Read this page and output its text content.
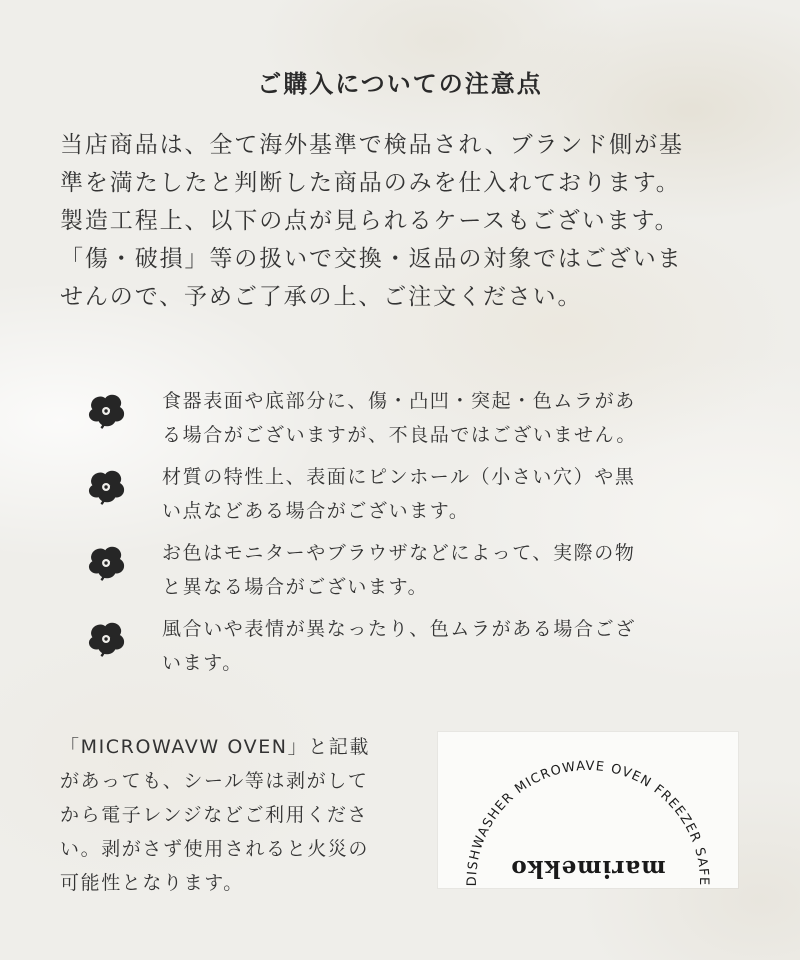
ご購入についての注意点
当店商品は、全て海外基準で検品され、ブランド側が基
準を満たしたと判断した商品のみを仕入れております。
製造工程上、以下の点が見られるケースもございます。
「傷・破損」等の扱いで交換・返品の対象ではございま
せんので、予めご了承の上、ご注文ください。
食器表面や底部分に、傷・凸凹・突起・色ムラがあ
る場合がございますが、不良品ではございません。
材質の特性上、表面にピンホール（小さい穴）や黒
い点などある場合がございます。
お色はモニターやブラウザなどによって、実際の物
と異なる場合がございます。
風合いや表情が異なったり、色ムラがある場合ござ
います。
「MICROWAVW OVEN」と記載
があっても、シール等は剥がして
から電子レンジなどご利用くださ
い。剥がさず使用されると火災の
可能性となります。	DISHWASHER MICROWAVE OVEN FREEZER SAFE
marimekko
